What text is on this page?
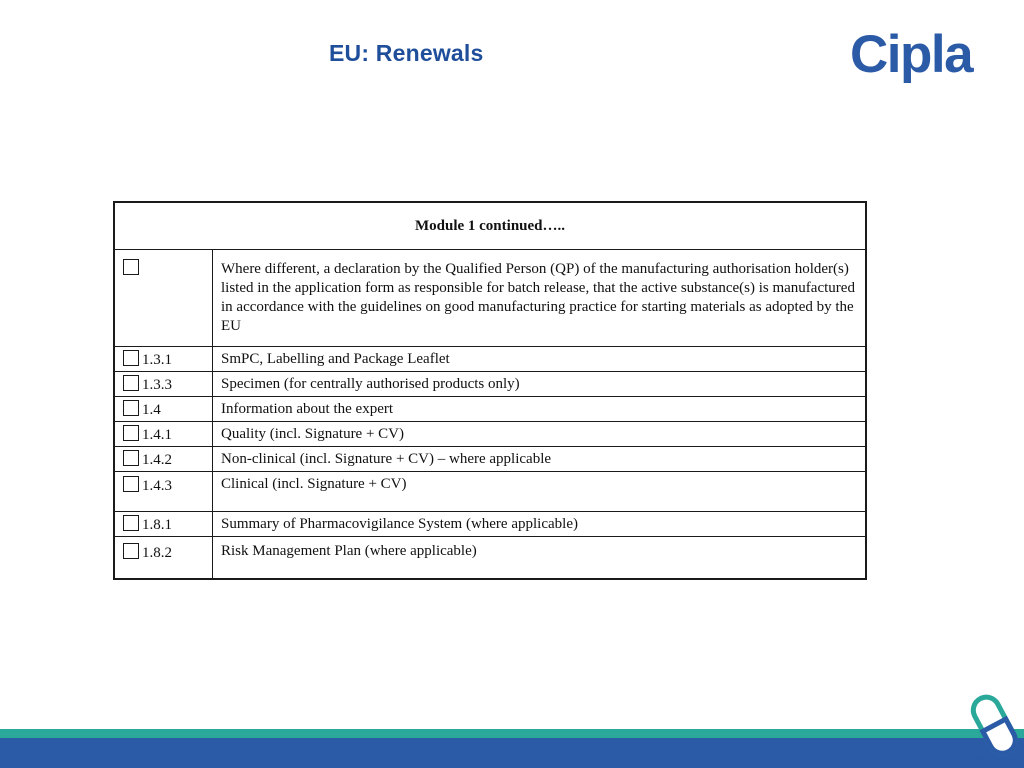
EU: Renewals	Cipla
Module 1 continued…..	
	Where different, a declaration by the Qualified Person (QP) of the manufacturing authorisation holder(s) listed in the application form as responsible for batch release, that the active substance(s) is manufactured in accordance with the guidelines on good manufacturing practice for starting materials as adopted by the EU
1.3.1	SmPC, Labelling and Package Leaflet
1.3.3	Specimen (for centrally authorised products only)
1.4	Information about the expert
1.4.1	Quality (incl. Signature + CV)
1.4.2	Non-clinical (incl. Signature + CV) – where applicable
1.4.3	Clinical (incl. Signature + CV)
1.8.1	Summary of Pharmacovigilance System (where applicable)
1.8.2	Risk Management Plan (where applicable)
26
